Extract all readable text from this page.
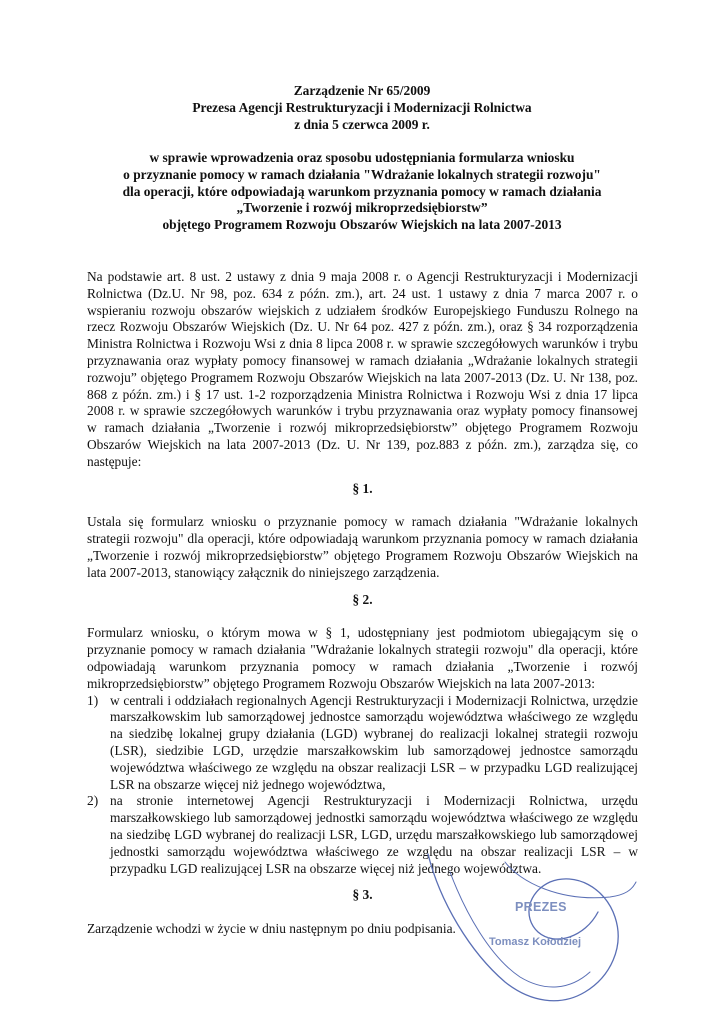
Zarządzenie Nr 65/2009
Prezesa Agencji Restrukturyzacji i Modernizacji Rolnictwa
z dnia 5 czerwca 2009 r.
w sprawie wprowadzenia oraz sposobu udostępniania formularza wniosku
o przyznanie pomocy w ramach działania "Wdrażanie lokalnych strategii rozwoju"
dla operacji, które odpowiadają warunkom przyznania pomocy w ramach działania
„Tworzenie i rozwój mikroprzedsiębiorstw”
objętego Programem Rozwoju Obszarów Wiejskich na lata 2007-2013

Na podstawie art. 8 ust. 2 ustawy z dnia 9 maja 2008 r. o Agencji Restrukturyzacji i Modernizacji Rolnictwa (Dz.U. Nr 98, poz. 634 z późn. zm.), art. 24 ust. 1 ustawy z dnia 7 marca 2007 r. o wspieraniu rozwoju obszarów wiejskich z udziałem środków Europejskiego Funduszu Rolnego na rzecz Rozwoju Obszarów Wiejskich (Dz. U. Nr 64 poz. 427 z późn. zm.), oraz § 34 rozporządzenia Ministra Rolnictwa i Rozwoju Wsi z dnia 8 lipca 2008 r. w sprawie szczegółowych warunków i trybu przyznawania oraz wypłaty pomocy finansowej w ramach działania „Wdrażanie lokalnych strategii rozwoju” objętego Programem Rozwoju Obszarów Wiejskich na lata 2007-2013 (Dz. U. Nr 138, poz. 868 z późn. zm.) i § 17 ust. 1-2 rozporządzenia Ministra Rolnictwa i Rozwoju Wsi z dnia 17 lipca 2008 r. w sprawie szczegółowych warunków i trybu przyznawania oraz wypłaty pomocy finansowej w ramach działania „Tworzenie i rozwój mikroprzedsiębiorstw” objętego Programem Rozwoju Obszarów Wiejskich na lata 2007-2013 (Dz. U. Nr 139, poz.883 z późn. zm.), zarządza się, co następuje:

§ 1.

Ustala się formularz wniosku o przyznanie pomocy w ramach działania "Wdrażanie lokalnych strategii rozwoju" dla operacji, które odpowiadają warunkom przyznania pomocy w ramach działania „Tworzenie i rozwój mikroprzedsiębiorstw” objętego Programem Rozwoju Obszarów Wiejskich na lata 2007-2013, stanowiący załącznik do niniejszego zarządzenia.

§ 2.

Formularz wniosku, o którym mowa w § 1, udostępniany jest podmiotom ubiegającym się o przyznanie pomocy w ramach działania "Wdrażanie lokalnych strategii rozwoju" dla operacji, które odpowiadają warunkom przyznania pomocy w ramach działania „Tworzenie i rozwój mikroprzedsiębiorstw” objętego Programem Rozwoju Obszarów Wiejskich na lata 2007-2013:

1) w centrali i oddziałach regionalnych Agencji Restrukturyzacji i Modernizacji Rolnictwa, urzędzie marszałkowskim lub samorządowej jednostce samorządu województwa właściwego ze względu na siedzibę lokalnej grupy działania (LGD) wybranej do realizacji lokalnej strategii rozwoju (LSR), siedzibie LGD, urzędzie marszałkowskim lub samorządowej jednostce samorządu województwa właściwego ze względu na obszar realizacji LSR – w przypadku LGD realizującej LSR na obszarze więcej niż jednego województwa,
2) na stronie internetowej Agencji Restrukturyzacji i Modernizacji Rolnictwa, urzędu marszałkowskiego lub samorządowej jednostki samorządu województwa właściwego ze względu na siedzibę LGD wybranej do realizacji LSR, LGD, urzędu marszałkowskiego lub samorządowej jednostki samorządu województwa właściwego ze względu na obszar realizacji LSR – w przypadku LGD realizującej LSR na obszarze więcej niż jednego województwa.

§ 3.

Zarządzenie wchodzi w życie w dniu następnym po dniu podpisania.

PREZES
Tomasz Kołodziej
